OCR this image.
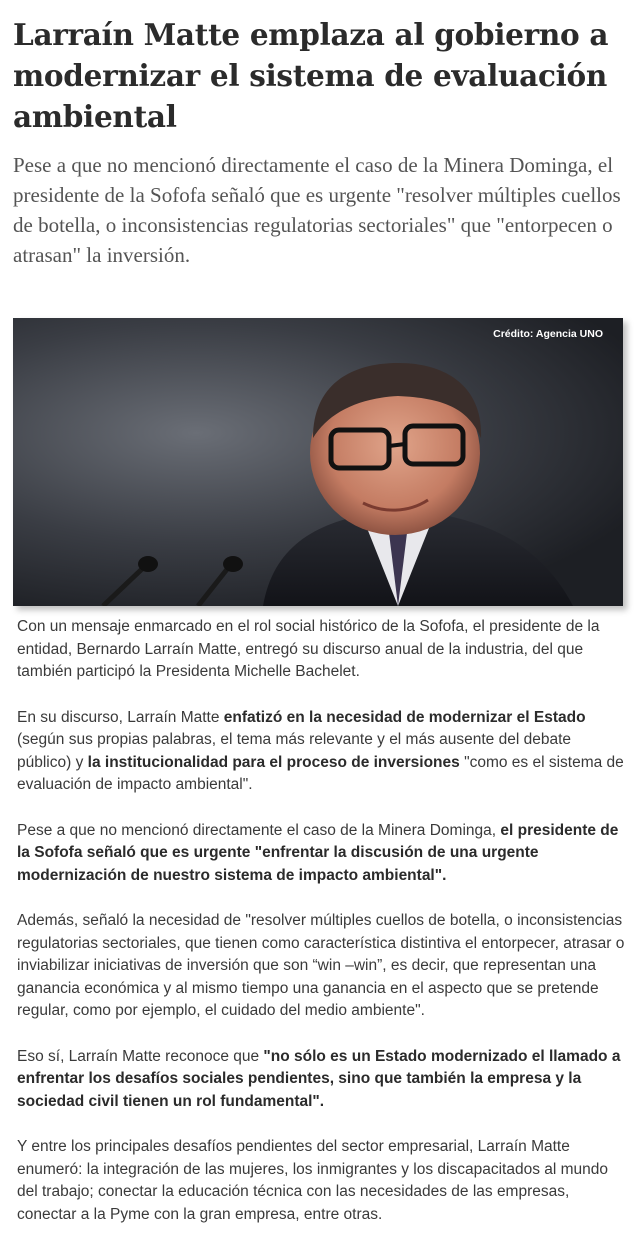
Larraín Matte emplaza al gobierno a modernizar el sistema de evaluación ambiental

Pese a que no mencionó directamente el caso de la Minera Dominga, el presidente de la Sofofa señaló que es urgente "resolver múltiples cuellos de botella, o inconsistencias regulatorias sectoriales" que "entorpecen o atrasan" la inversión.

Crédito: Agencia UNO

Con un mensaje enmarcado en el rol social histórico de la Sofofa, el presidente de la entidad, Bernardo Larraín Matte, entregó su discurso anual de la industria, del que también participó la Presidenta Michelle Bachelet.

En su discurso, Larraín Matte enfatizó en la necesidad de modernizar el Estado (según sus propias palabras, el tema más relevante y el más ausente del debate público) y la institucionalidad para el proceso de inversiones "como es el sistema de evaluación de impacto ambiental".

Pese a que no mencionó directamente el caso de la Minera Dominga, el presidente de la Sofofa señaló que es urgente "enfrentar la discusión de una urgente modernización de nuestro sistema de impacto ambiental".

Además, señaló la necesidad de "resolver múltiples cuellos de botella, o inconsistencias regulatorias sectoriales, que tienen como característica distintiva el entorpecer, atrasar o inviabilizar iniciativas de inversión que son “win –win”, es decir, que representan una ganancia económica y al mismo tiempo una ganancia en el aspecto que se pretende regular, como por ejemplo, el cuidado del medio ambiente".

Eso sí, Larraín Matte reconoce que "no sólo es un Estado modernizado el llamado a enfrentar los desafíos sociales pendientes, sino que también la empresa y la sociedad civil tienen un rol fundamental".

Y entre los principales desafíos pendientes del sector empresarial, Larraín Matte enumeró: la integración de las mujeres, los inmigrantes y los discapacitados al mundo del trabajo; conectar la educación técnica con las necesidades de las empresas, conectar a la Pyme con la gran empresa, entre otras.
